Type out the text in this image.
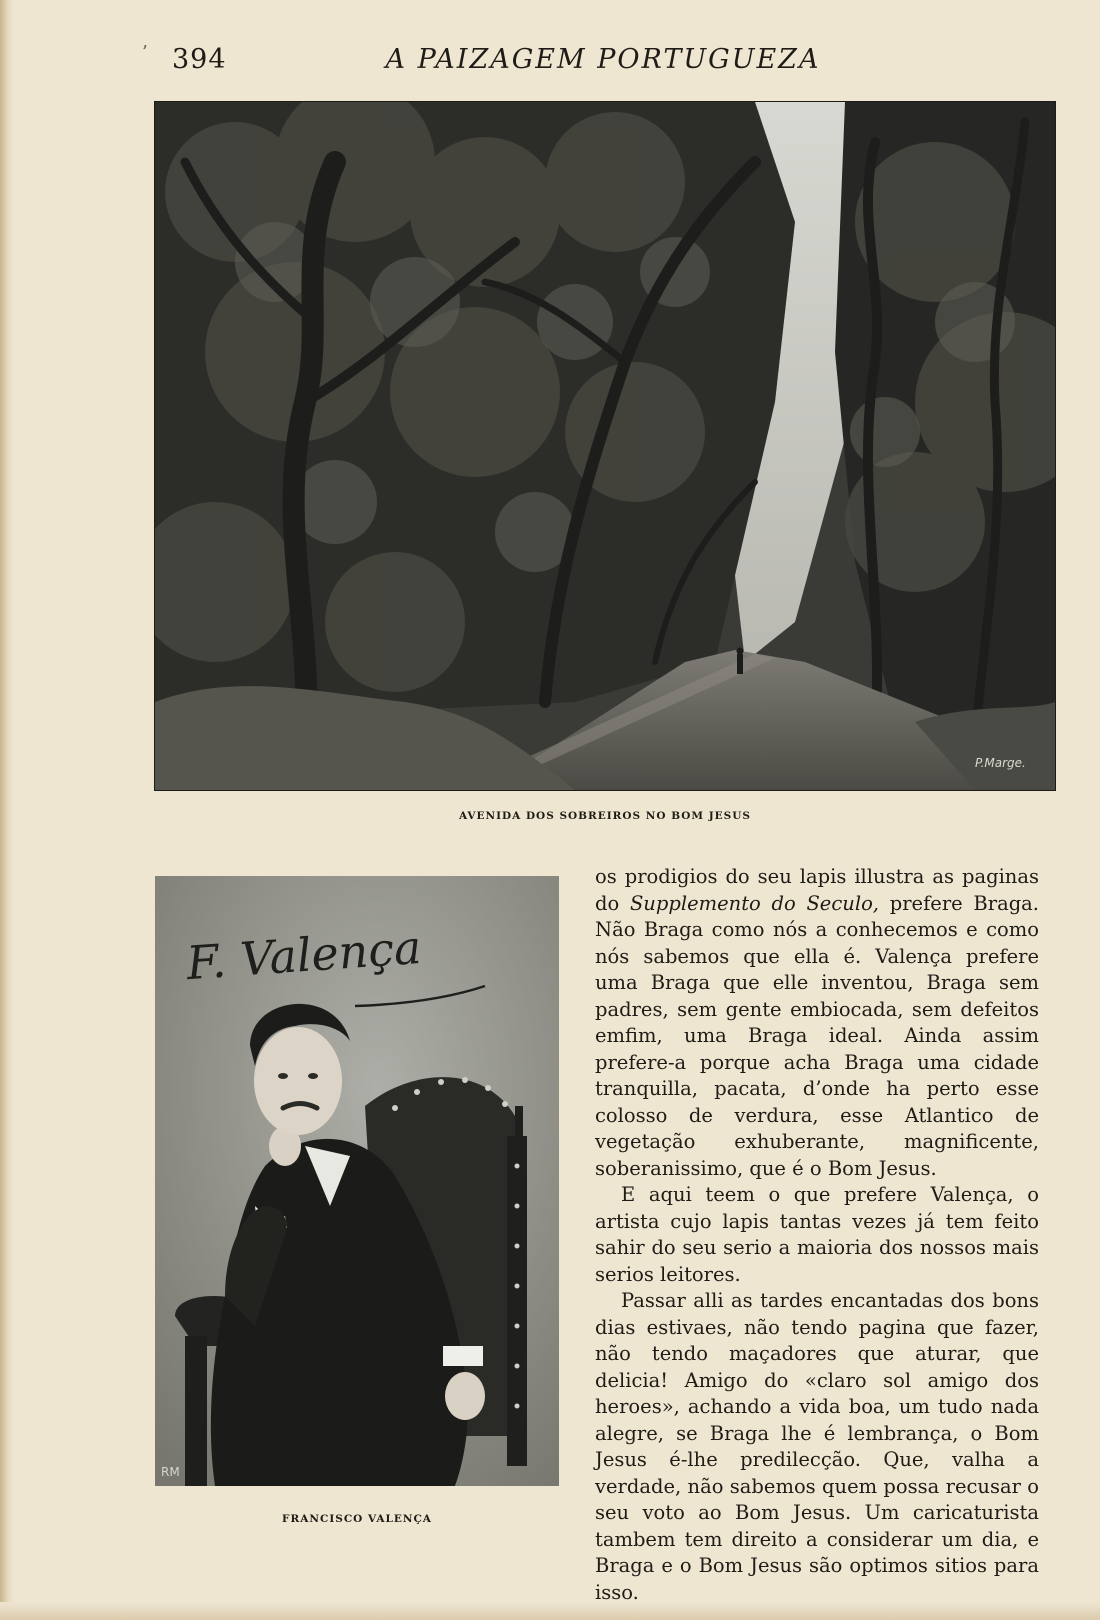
’ 394	A PAIZAGEM PORTUGUEZA
P.Marge.
AVENIDA DOS SOBREIROS NO BOM JESUS
F. Valença
RM
FRANCISCO VALENÇA

os prodigios do seu lapis illustra as paginas do Supplemento do Seculo, prefere Braga. Não Braga como nós a conhecemos e como nós sabemos que ella é. Valença prefere uma Braga que elle inventou, Braga sem padres, sem gente embiocada, sem defeitos emfim, uma Braga ideal. Ainda assim prefere-a porque acha Braga uma cidade tranquilla, pacata, d’onde ha perto esse colosso de verdura, esse Atlantico de vegetação exhuberante, magnificente, soberanissimo, que é o Bom Jesus.

E aqui teem o que prefere Valença, o artista cujo lapis tantas vezes já tem feito sahir do seu serio a maioria dos nossos mais serios leitores.

Passar alli as tardes encantadas dos bons dias estivaes, não tendo pagina que fazer, não tendo maçadores que aturar, que delicia! Amigo do «claro sol amigo dos heroes», achando a vida boa, um tudo nada alegre, se Braga lhe é lembrança, o Bom Jesus é-lhe predilecção. Que, valha a verdade, não sabemos quem possa recusar o seu voto ao Bom Jesus. Um caricaturista tambem tem direito a considerar um dia, e Braga e o Bom Jesus são optimos sitios para isso.
